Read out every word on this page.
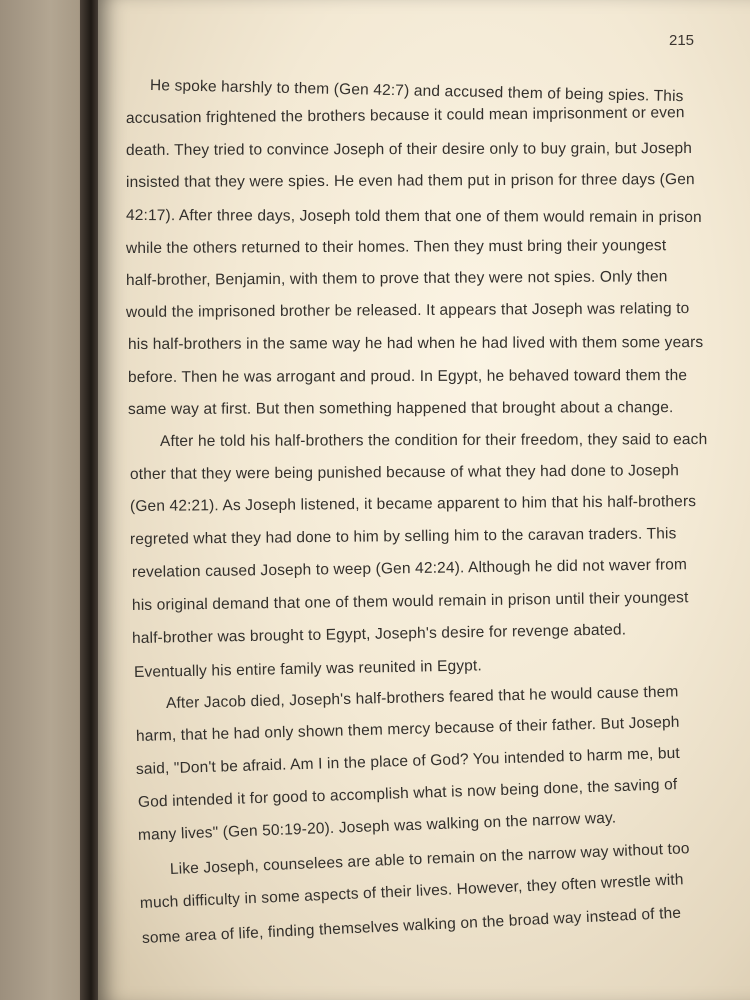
215
He spoke harshly to them (Gen 42:7) and accused them of being spies. This
accusation frightened the brothers because it could mean imprisonment or even
death. They tried to convince Joseph of their desire only to buy grain, but Joseph
insisted that they were spies. He even had them put in prison for three days (Gen
42:17). After three days, Joseph told them that one of them would remain in prison
while the others returned to their homes. Then they must bring their youngest
half-brother, Benjamin, with them to prove that they were not spies. Only then
would the imprisoned brother be released. It appears that Joseph was relating to
his half-brothers in the same way he had when he had lived with them some years
before. Then he was arrogant and proud. In Egypt, he behaved toward them the
same way at first. But then something happened that brought about a change.
After he told his half-brothers the condition for their freedom, they said to each
other that they were being punished because of what they had done to Joseph
(Gen 42:21). As Joseph listened, it became apparent to him that his half-brothers
regreted what they had done to him by selling him to the caravan traders. This
revelation caused Joseph to weep (Gen 42:24). Although he did not waver from
his original demand that one of them would remain in prison until their youngest
half-brother was brought to Egypt, Joseph's desire for revenge abated.
Eventually his entire family was reunited in Egypt.
After Jacob died, Joseph's half-brothers feared that he would cause them
harm, that he had only shown them mercy because of their father. But Joseph
said, "Don't be afraid. Am I in the place of God? You intended to harm me, but
God intended it for good to accomplish what is now being done, the saving of
many lives" (Gen 50:19-20). Joseph was walking on the narrow way.
Like Joseph, counselees are able to remain on the narrow way without too
much difficulty in some aspects of their lives. However, they often wrestle with
some area of life, finding themselves walking on the broad way instead of the
